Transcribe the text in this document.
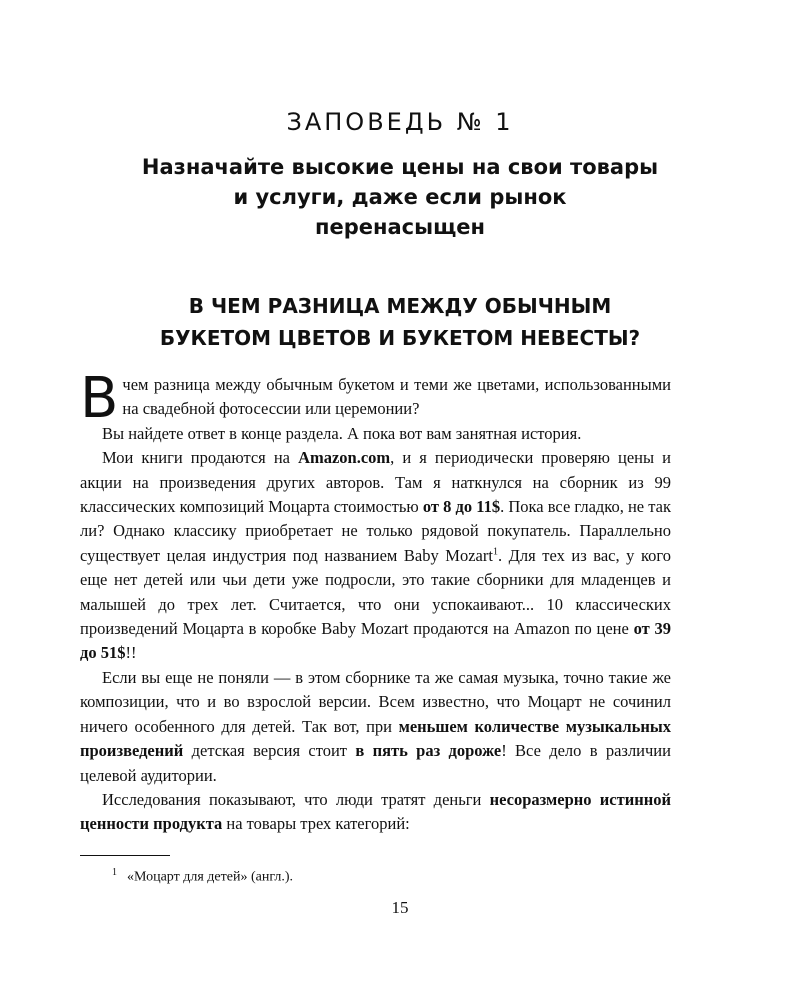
ЗАПОВЕДЬ № 1
Назначайте высокие цены на свои товары
и услуги, даже если рынок
перенасыщен
В ЧЕМ РАЗНИЦА МЕЖДУ ОБЫЧНЫМ
БУКЕТОМ ЦВЕТОВ И БУКЕТОМ НЕВЕСТЫ?

В чем разница между обычным букетом и теми же цветами, использованными на свадебной фотосессии или церемонии?

Вы найдете ответ в конце раздела. А пока вот вам занятная история.

Мои книги продаются на Amazon.com, и я периодически проверяю цены и акции на произведения других авторов. Там я наткнулся на сборник из 99 классических композиций Моцарта стоимостью от 8 до 11$. Пока все гладко, не так ли? Однако классику приобретает не только рядовой покупатель. Параллельно существует целая индустрия под названием Baby Mozart$^1$. Для тех из вас, у кого еще нет детей или чьи дети уже подросли, это такие сборники для младенцев и малышей до трех лет. Считается, что они успокаивают... 10 классических произведений Моцарта в коробке Baby Mozart продаются на Amazon по цене от 39 до 51$!!

Если вы еще не поняли — в этом сборнике та же самая музыка, точно такие же композиции, что и во взрослой версии. Всем известно, что Моцарт не сочинил ничего особенного для детей. Так вот, при меньшем количестве музыкальных произведений детская версия стоит в пять раз дороже! Все дело в различии целевой аудитории.

Исследования показывают, что люди тратят деньги несоразмерно истинной ценности продукта на товары трех категорий:

$^1$ «Моцарт для детей» (англ.).
15
